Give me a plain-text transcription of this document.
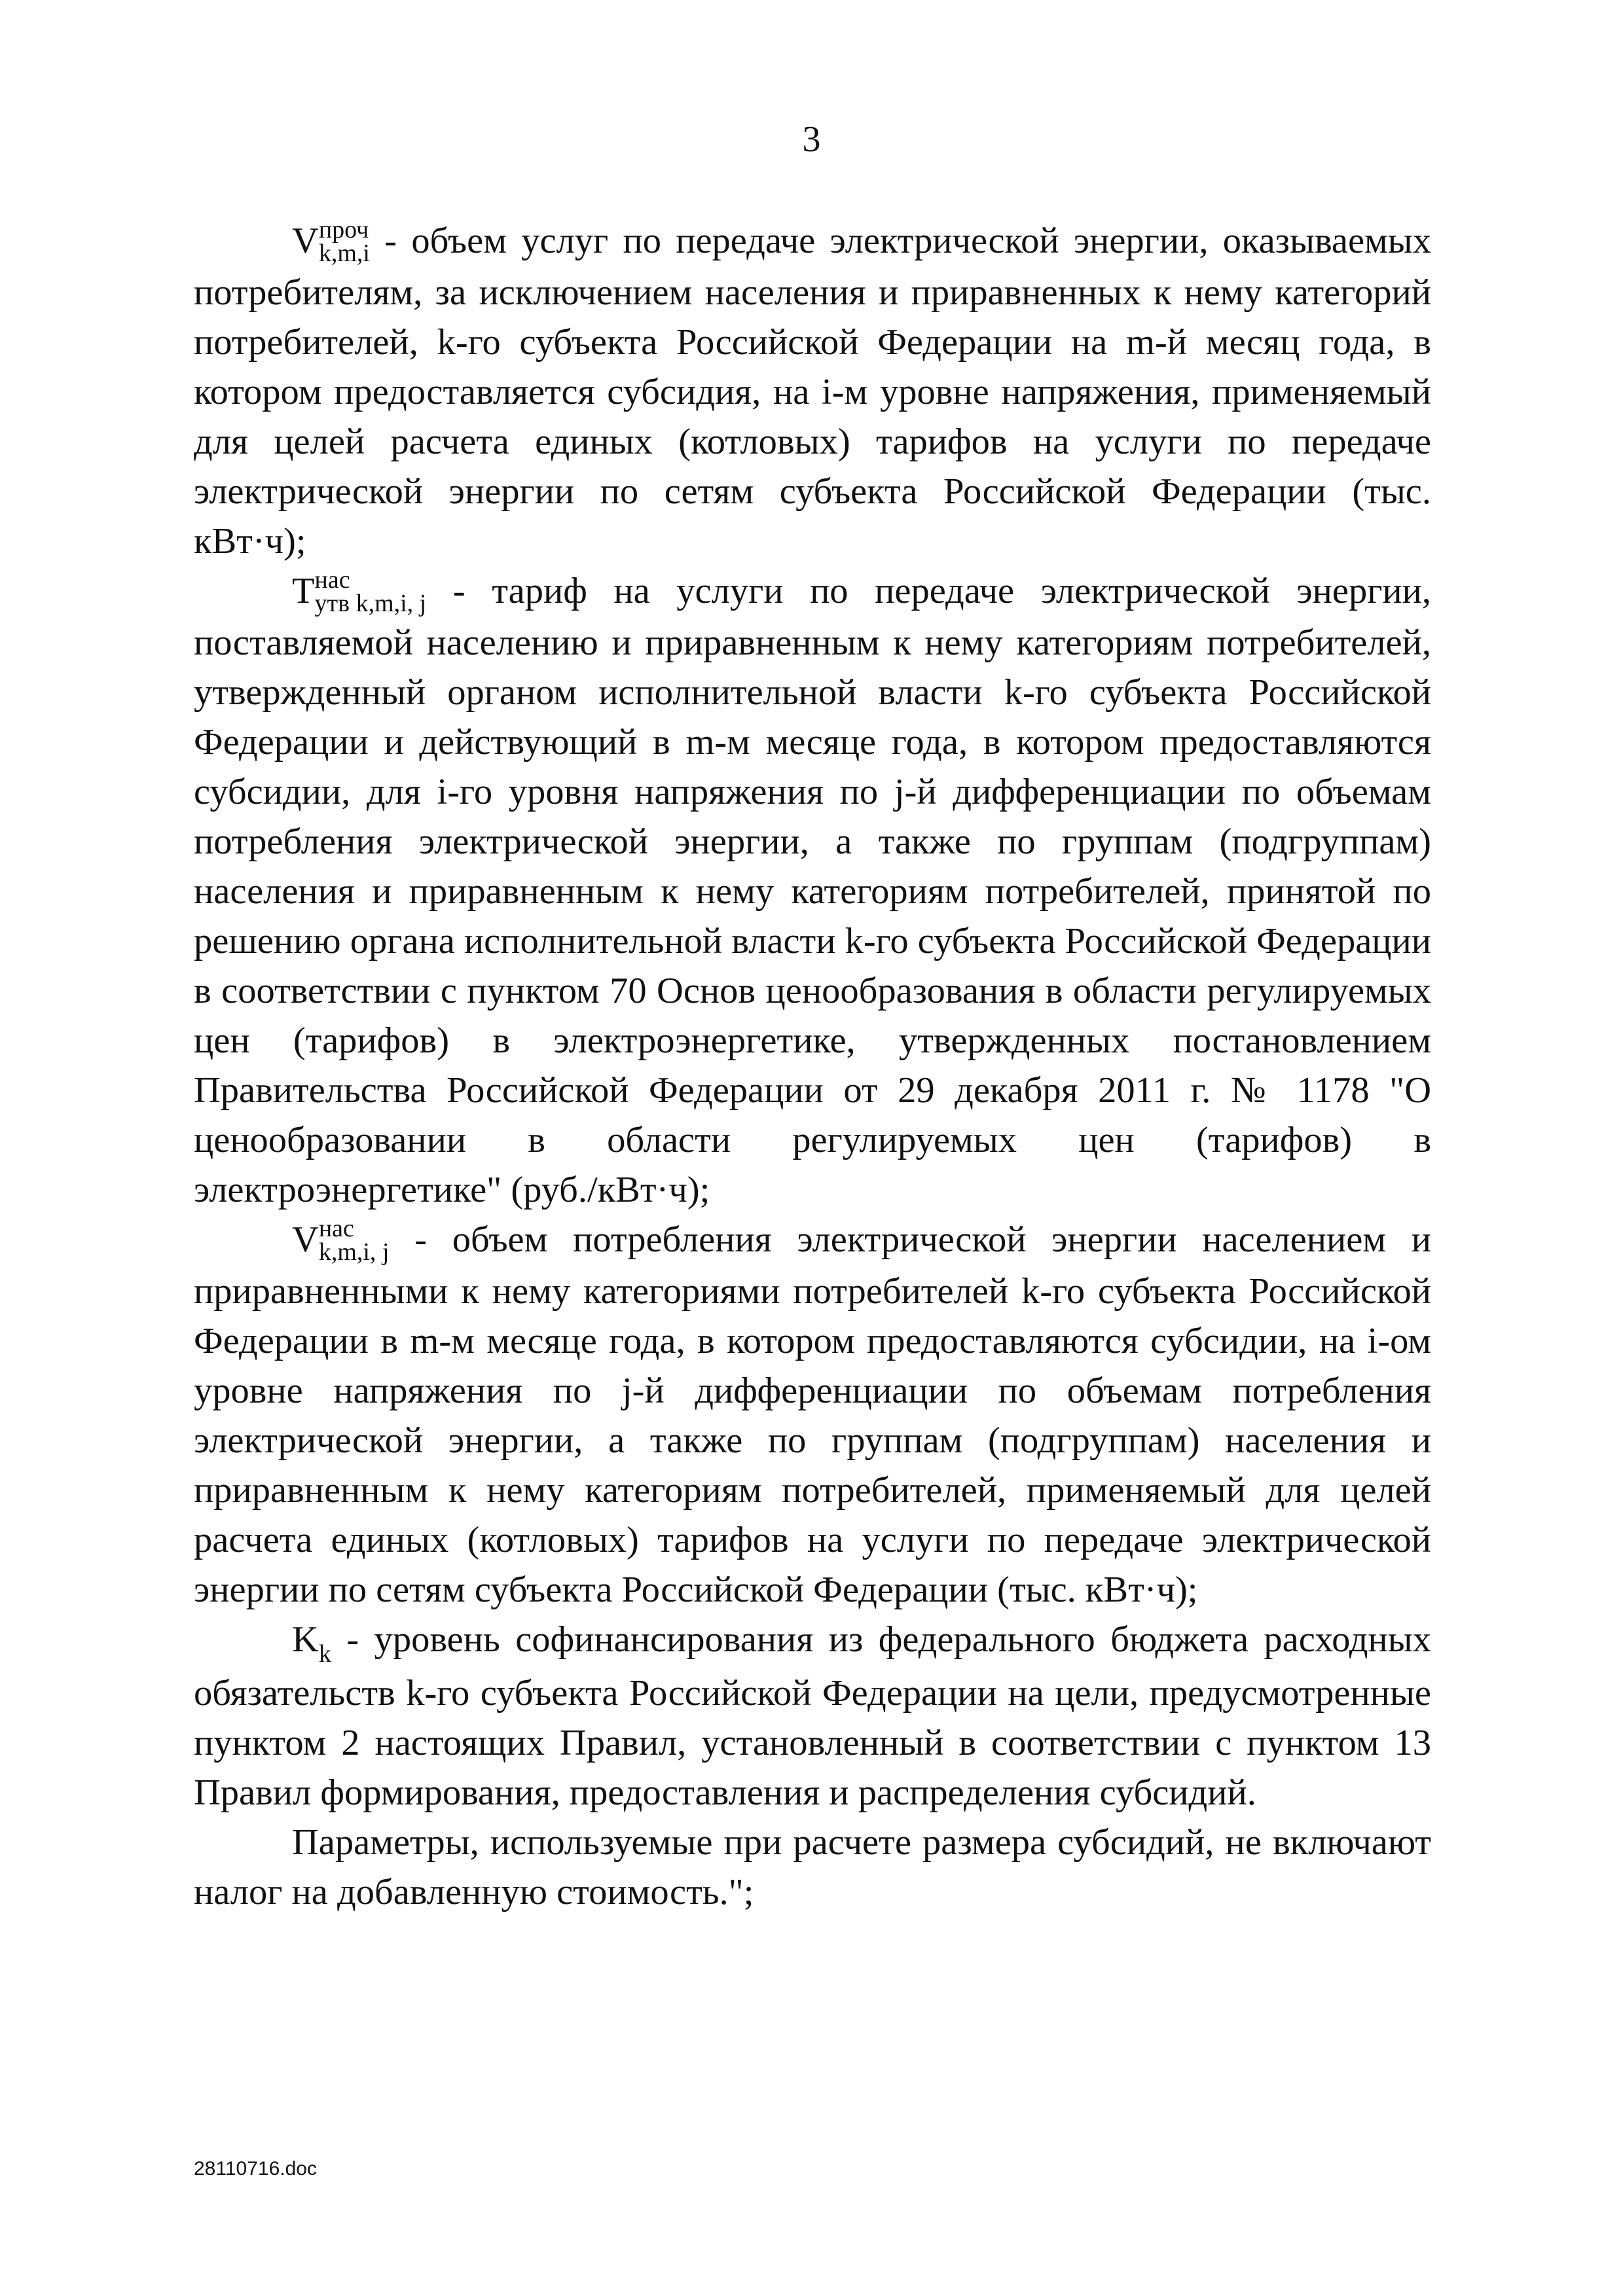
3

V проч
k,m,i - объем услуг по передаче электрической энергии, оказываемых потребителям, за исключением населения и приравненных к нему категорий потребителей, k-го субъекта Российской Федерации на m-й месяц года, в котором предоставляется субсидия, на i-м уровне напряжения, применяемый для целей расчета единых (котловых) тарифов на услуги по передаче электрической энергии по сетям субъекта Российской Федерации (тыс. кВт·ч);

T нас
утв k,m,i, j - тариф на услуги по передаче электрической энергии, поставляемой населению и приравненным к нему категориям потребителей, утвержденный органом исполнительной власти k-го субъекта Российской Федерации и действующий в m-м месяце года, в котором предоставляются субсидии, для i-го уровня напряжения по j-й дифференциации по объемам потребления электрической энергии, а также по группам (подгруппам) населения и приравненным к нему категориям потребителей, принятой по решению органа исполнительной власти k-го субъекта Российской Федерации в соответствии с пунктом 70 Основ ценообразования в области регулируемых цен (тарифов) в электроэнергетике, утвержденных постановлением Правительства Российской Федерации от 29 декабря 2011 г. № 1178 "О ценообразовании в области регулируемых цен (тарифов) в электроэнергетике" (руб./кВт·ч);

V нас
k,m,i, j - объем потребления электрической энергии населением и приравненными к нему категориями потребителей k-го субъекта Российской Федерации в m-м месяце года, в котором предоставляются субсидии, на i-ом уровне напряжения по j-й дифференциации по объемам потребления электрической энергии, а также по группам (подгруппам) населения и приравненным к нему категориям потребителей, применяемый для целей расчета единых (котловых) тарифов на услуги по передаче электрической энергии по сетям субъекта Российской Федерации (тыс. кВт·ч);

$K_k$ - уровень софинансирования из федерального бюджета расходных обязательств k-го субъекта Российской Федерации на цели, предусмотренные пунктом 2 настоящих Правил, установленный в соответствии с пунктом 13 Правил формирования, предоставления и распределения субсидий.

Параметры, используемые при расчете размера субсидий, не включают налог на добавленную стоимость.";

28110716.doc
